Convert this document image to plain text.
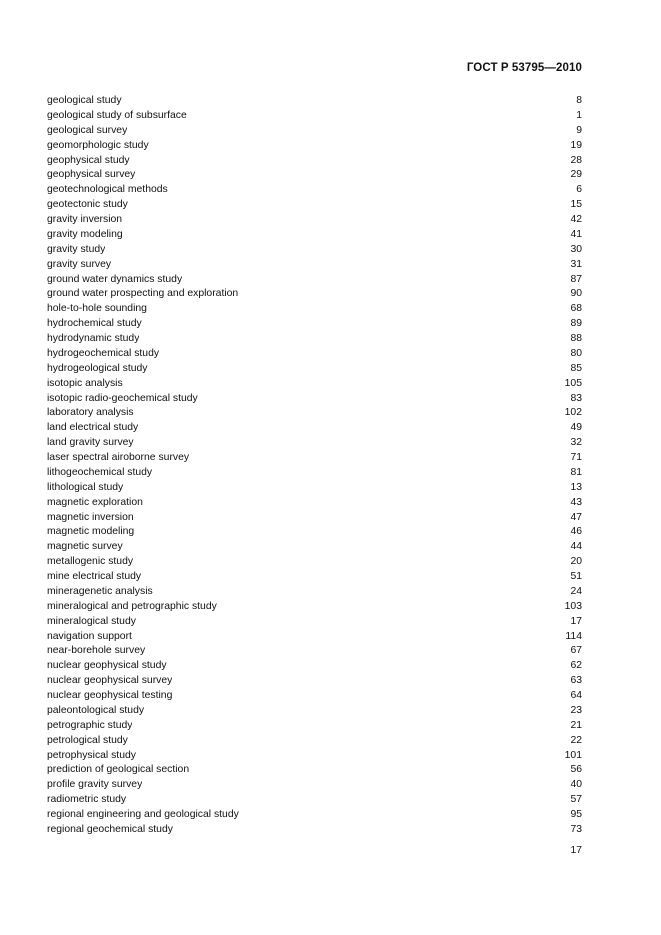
ГОСТ Р 53795—2010
geological study	8
geological study of subsurface	1
geological survey	9
geomorphologic study	19
geophysical study	28
geophysical survey	29
geotechnological methods	6
geotectonic study	15
gravity inversion	42
gravity modeling	41
gravity study	30
gravity survey	31
ground water dynamics study	87
ground water prospecting and exploration	90
hole-to-hole sounding	68
hydrochemical study	89
hydrodynamic study	88
hydrogeochemical study	80
hydrogeological study	85
isotopic analysis	105
isotopic radio-geochemical study	83
laboratory analysis	102
land electrical study	49
land gravity survey	32
laser spectral airoborne survey	71
lithogeochemical study	81
lithological study	13
magnetic exploration	43
magnetic inversion	47
magnetic modeling	46
magnetic survey	44
metallogenic study	20
mine electrical study	51
mineragenetic analysis	24
mineralogical and petrographic study	103
mineralogical study	17
navigation support	114
near-borehole survey	67
nuclear geophysical study	62
nuclear geophysical survey	63
nuclear geophysical testing	64
paleontological study	23
petrographic study	21
petrological study	22
petrophysical study	101
prediction of geological section	56
profile gravity survey	40
radiometric study	57
regional engineering and geological study	95
regional geochemical study	73
17
